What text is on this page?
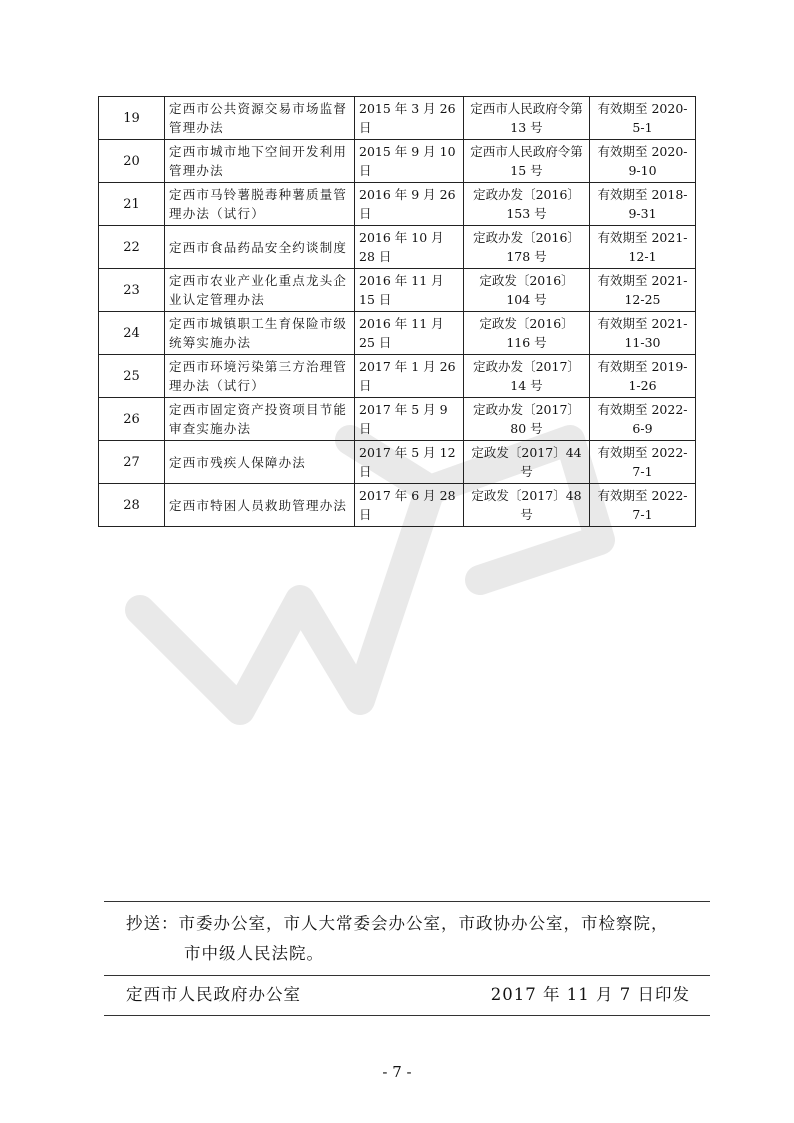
19	定西市公共资源交易市场监督管理办法	2015 年 3 月 26 日	定西市人民政府令第 13 号	有效期至 2020-5-1
20	定西市城市地下空间开发利用管理办法	2015 年 9 月 10 日	定西市人民政府令第 15 号	有效期至 2020-9-10
21	定西市马铃薯脱毒种薯质量管理办法（试行）	2016 年 9 月 26 日	定政办发〔2016〕153 号	有效期至 2018-9-31
22	定西市食品药品安全约谈制度	2016 年 10 月 28 日	定政办发〔2016〕178 号	有效期至 2021-12-1
23	定西市农业产业化重点龙头企业认定管理办法	2016 年 11 月 15 日	定政发〔2016〕104 号	有效期至 2021-12-25
24	定西市城镇职工生育保险市级统筹实施办法	2016 年 11 月 25 日	定政发〔2016〕116 号	有效期至 2021-11-30
25	定西市环境污染第三方治理管理办法（试行）	2017 年 1 月 26 日	定政办发〔2017〕14 号	有效期至 2019-1-26
26	定西市固定资产投资项目节能审查实施办法	2017 年 5 月 9 日	定政办发〔2017〕80 号	有效期至 2022-6-9
27	定西市残疾人保障办法	2017 年 5 月 12 日	定政发〔2017〕44 号	有效期至 2022-7-1
28	定西市特困人员救助管理办法	2017 年 6 月 28 日	定政发〔2017〕48 号	有效期至 2022-7-1
抄送：市委办公室，市人大常委会办公室，市政协办公室，市检察院，
市中级人民法院。
定西市人民政府办公室	2017 年 11 月 7 日印发
- 7 -
